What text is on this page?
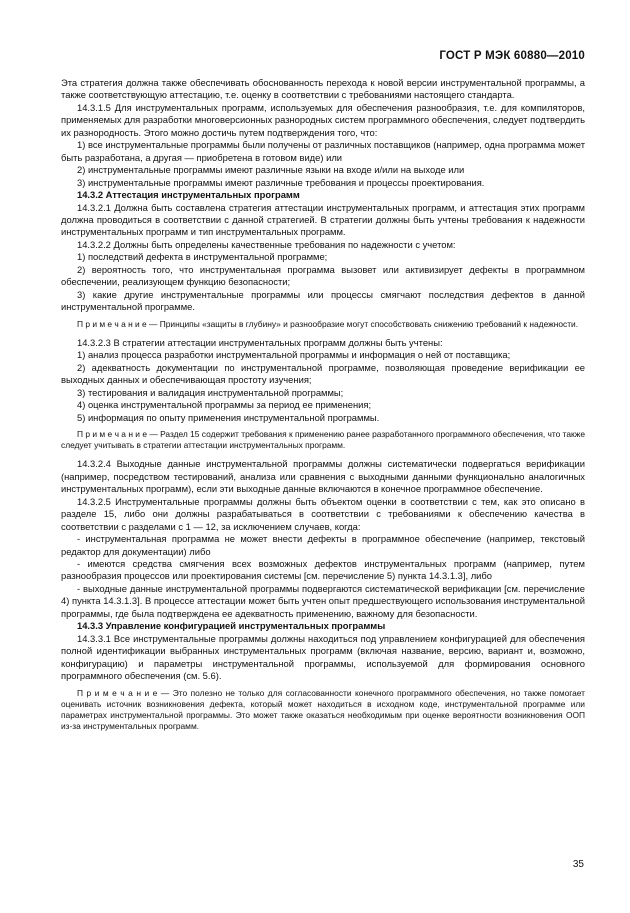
ГОСТ Р МЭК 60880—2010

Эта стратегия должна также обеспечивать обоснованность перехода к новой версии инструментальной программы, а также соответствующую аттестацию, т.е. оценку в соответствии с требованиями настоящего стандарта.

14.3.1.5 Для инструментальных программ, используемых для обеспечения разнообразия, т.е. для компиляторов, применяемых для разработки многоверсионных разнородных систем программного обеспечения, следует подтвердить их разнородность. Этого можно достичь путем подтверждения того, что:

1) все инструментальные программы были получены от различных поставщиков (например, одна программа может быть разработана, а другая — приобретена в готовом виде) или

2) инструментальные программы имеют различные языки на входе и/или на выходе или

3) инструментальные программы имеют различные требования и процессы проектирования.

14.3.2 Аттестация инструментальных программ

14.3.2.1 Должна быть составлена стратегия аттестации инструментальных программ, и аттестация этих программ должна проводиться в соответствии с данной стратегией. В стратегии должны быть учтены требования к надежности инструментальных программ и тип инструментальных программ.

14.3.2.2 Должны быть определены качественные требования по надежности с учетом:

1) последствий дефекта в инструментальной программе;

2) вероятность того, что инструментальная программа вызовет или активизирует дефекты в программном обеспечении, реализующем функцию безопасности;

3) какие другие инструментальные программы или процессы смягчают последствия дефектов в данной инструментальной программе.

П р и м е ч а н и е — Принципы «защиты в глубину» и разнообразие могут способствовать снижению требований к надежности.

14.3.2.3 В стратегии аттестации инструментальных программ должны быть учтены:

1) анализ процесса разработки инструментальной программы и информация о ней от поставщика;

2) адекватность документации по инструментальной программе, позволяющая проведение верификации ее выходных данных и обеспечивающая простоту изучения;

3) тестирования и валидация инструментальной программы;

4) оценка инструментальной программы за период ее применения;

5) информация по опыту применения инструментальной программы.

П р и м е ч а н и е — Раздел 15 содержит требования к применению ранее разработанного программного обеспечения, что также следует учитывать в стратегии аттестации инструментальных программ.

14.3.2.4 Выходные данные инструментальной программы должны систематически подвергаться верификации (например, посредством тестирований, анализа или сравнения с выходными данными функционально аналогичных инструментальных программ), если эти выходные данные включаются в конечное программное обеспечение.

14.3.2.5 Инструментальные программы должны быть объектом оценки в соответствии с тем, как это описано в разделе 15, либо они должны разрабатываться в соответствии с требованиями к обеспечению качества в соответствии с разделами с 1 — 12, за исключением случаев, когда:

- инструментальная программа не может внести дефекты в программное обеспечение (например, текстовый редактор для документации) либо

- имеются средства смягчения всех возможных дефектов инструментальных программ (например, путем разнообразия процессов или проектирования системы [см. перечисление 5) пункта 14.3.1.3], либо

- выходные данные инструментальной программы подвергаются систематической верификации [см. перечисление 4) пункта 14.3.1.3]. В процессе аттестации может быть учтен опыт предшествующего использования инструментальной программы, где была подтверждена ее адекватность применению, важному для безопасности.

14.3.3 Управление конфигурацией инструментальных программы

14.3.3.1 Все инструментальные программы должны находиться под управлением конфигурацией для обеспечения полной идентификации выбранных инструментальных программ (включая название, версию, вариант и, возможно, конфигурацию) и параметры инструментальной программы, используемой для формирования основного программного обеспечения (см. 5.6).

П р и м е ч а н и е — Это полезно не только для согласованности конечного программного обеспечения, но также помогает оценивать источник возникновения дефекта, который может находиться в исходном коде, инструментальной программе или параметрах инструментальной программы. Это может также оказаться необходимым при оценке вероятности возникновения ООП из-за инструментальных программ.

35
